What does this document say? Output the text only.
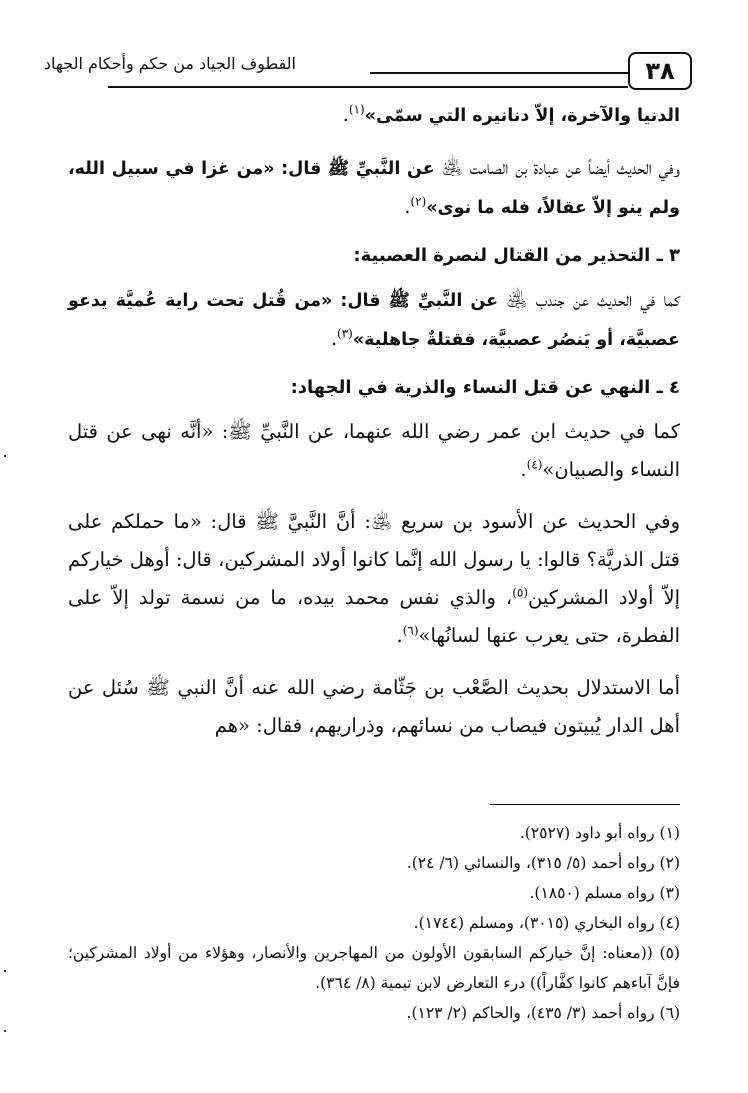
٣٨
القطوف الجياد من حكم وأحكام الجهاد

الدنيا والآخرة، إلاّ دنانيره التي سمّى»$^{(١)}$.

وفي الحديث أيضاً عن عبادة بن الصامت ﵁ عن النَّبيِّ ﷺ قال: «من غزا في سبيل الله، ولم ينو إلاّ عقالاً، فله ما نوى»$^{(٢)}$.

٣ ـ التحذير من القتال لنصرة العصبية:

كما في الحديث عن جندب ﵁ عن النَّبيِّ ﷺ قال: «من قُتل تحت راية عُميَّة يدعو عصبيَّة، أو يَنصُر عصبيَّة، فقتلةٌ جاهلية»$^{(٣)}$.

٤ ـ النهي عن قتل النساء والذرية في الجهاد:

كما في حديث ابن عمر رضي الله عنهما، عن النَّبيِّ ﷺ: «أنَّه نهى عن قتل النساء والصبيان»$^{(٤)}$.

وفي الحديث عن الأسود بن سريع ﵁: أنَّ النَّبيَّ ﷺ قال: «ما حملكم على قتل الذريَّة؟ قالوا: يا رسول الله إنَّما كانوا أولاد المشركين، قال: أوهل خياركم إلاّ أولاد المشركين$^{(٥)}$، والذي نفس محمد بيده، ما من نسمة تولد إلاّ على الفطرة، حتى يعرب عنها لسانُها»$^{(٦)}$.

أما الاستدلال بحديث الصَّعْب بن جَثّامة رضي الله عنه أنَّ النبي ﷺ سُئل عن أهل الدار يُبيتون فيصاب من نسائهم، وذراريهم، فقال: «هم

(١) رواه أبو داود (٢٥٢٧).

(٢) رواه أحمد (٥/ ٣١٥)، والنسائي (٦/ ٢٤).

(٣) رواه مسلم (١٨٥٠).

(٤) رواه البخاري (٣٠١٥)، ومسلم (١٧٤٤).

(٥) ((معناه: إنَّ خياركم السابقون الأولون من المهاجرين والأنصار، وهؤلاء من أولاد المشركين؛ فإنَّ آباءهم كانوا كفَّاراً)) درء التعارض لابن تيمية (٨/ ٣٦٤).

(٦) رواه أحمد (٣/ ٤٣٥)، والحاكم (٢/ ١٢٣).
